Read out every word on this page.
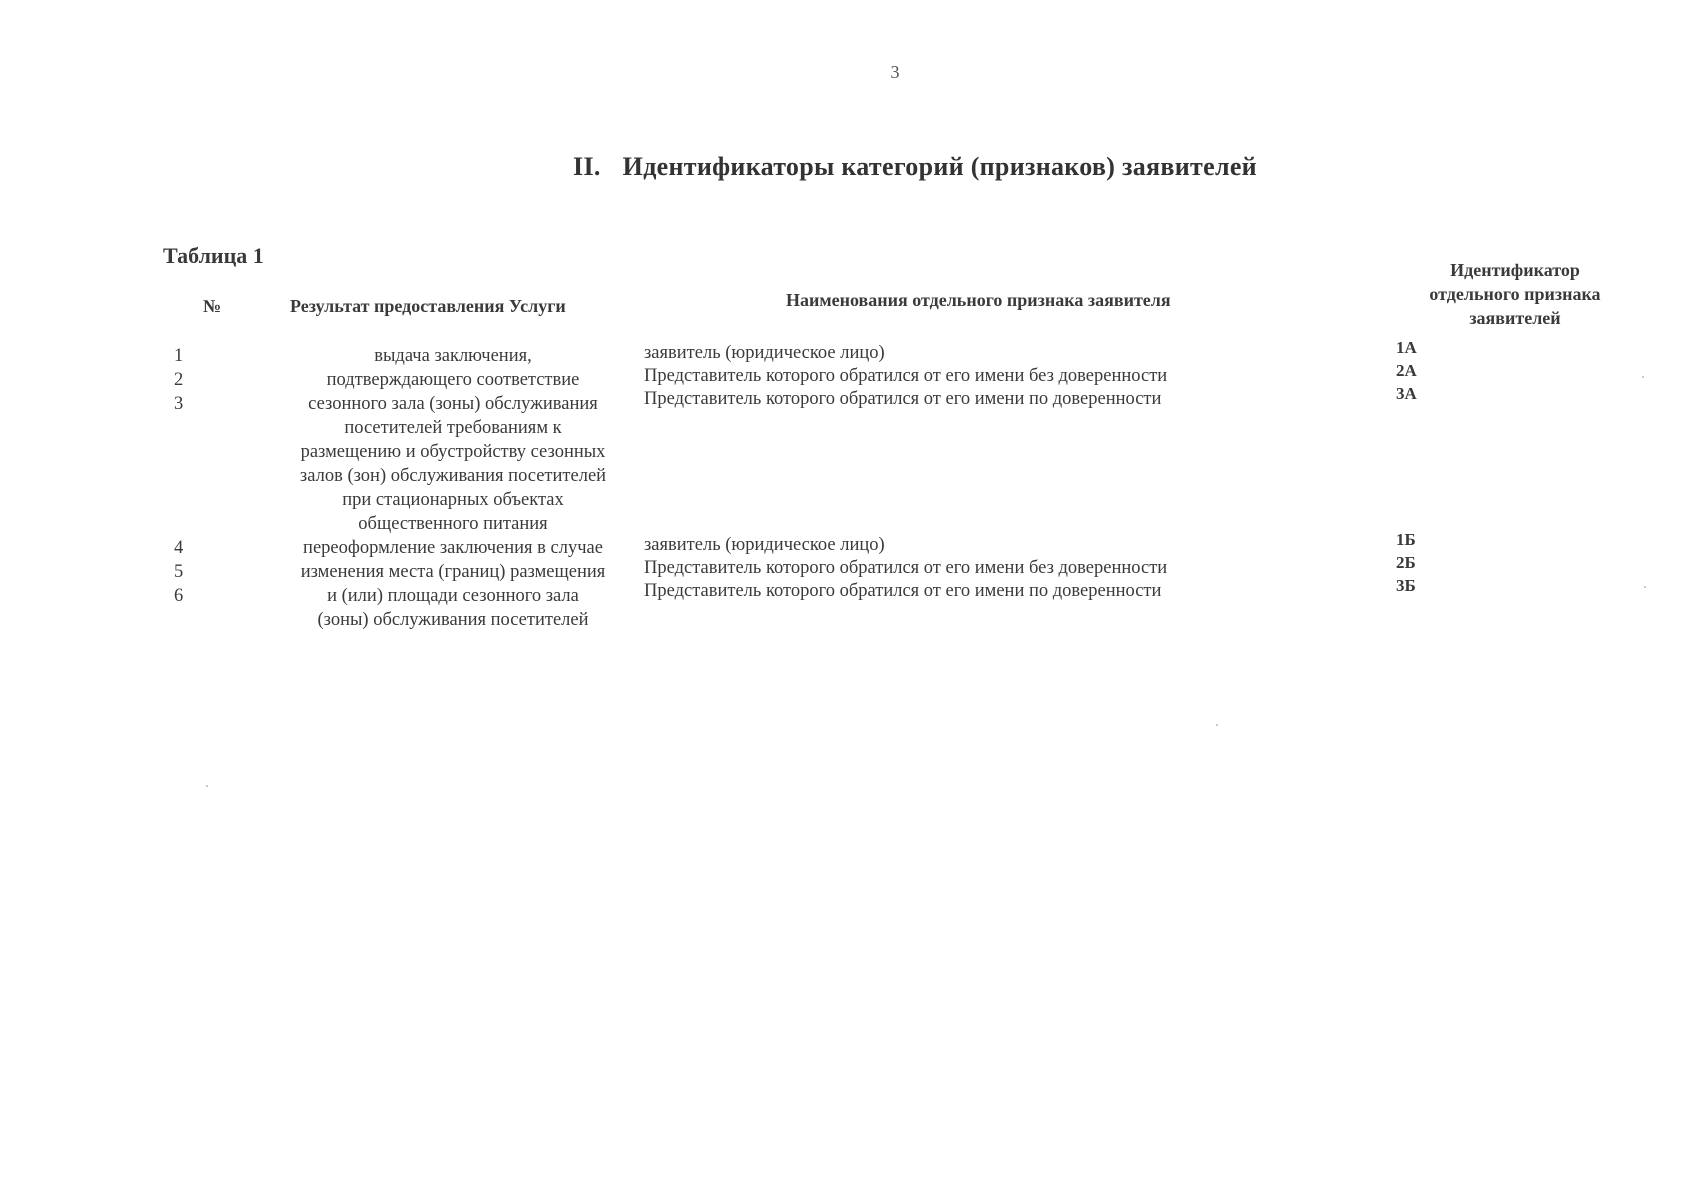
3
II. Идентификаторы категорий (признаков) заявителей
Таблица 1
№	Результат предоставления Услуги	Наименования отдельного признака заявителя
Идентификатор
отдельного признака
заявителей
1
2
3
выдача заключения,
подтверждающего соответствие
сезонного зала (зоны) обслуживания
посетителей требованиям к
размещению и обустройству сезонных
залов (зон) обслуживания посетителей
при стационарных объектах
общественного питания
заявитель (юридическое лицо)
Представитель которого обратился от его имени без доверенности
Представитель которого обратился от его имени по доверенности
1А
2А
3А
4
5
6
переоформление заключения в случае
изменения места (границ) размещения
и (или) площади сезонного зала
(зоны) обслуживания посетителей
заявитель (юридическое лицо)
Представитель которого обратился от его имени без доверенности
Представитель которого обратился от его имени по доверенности
1Б
2Б
3Б
